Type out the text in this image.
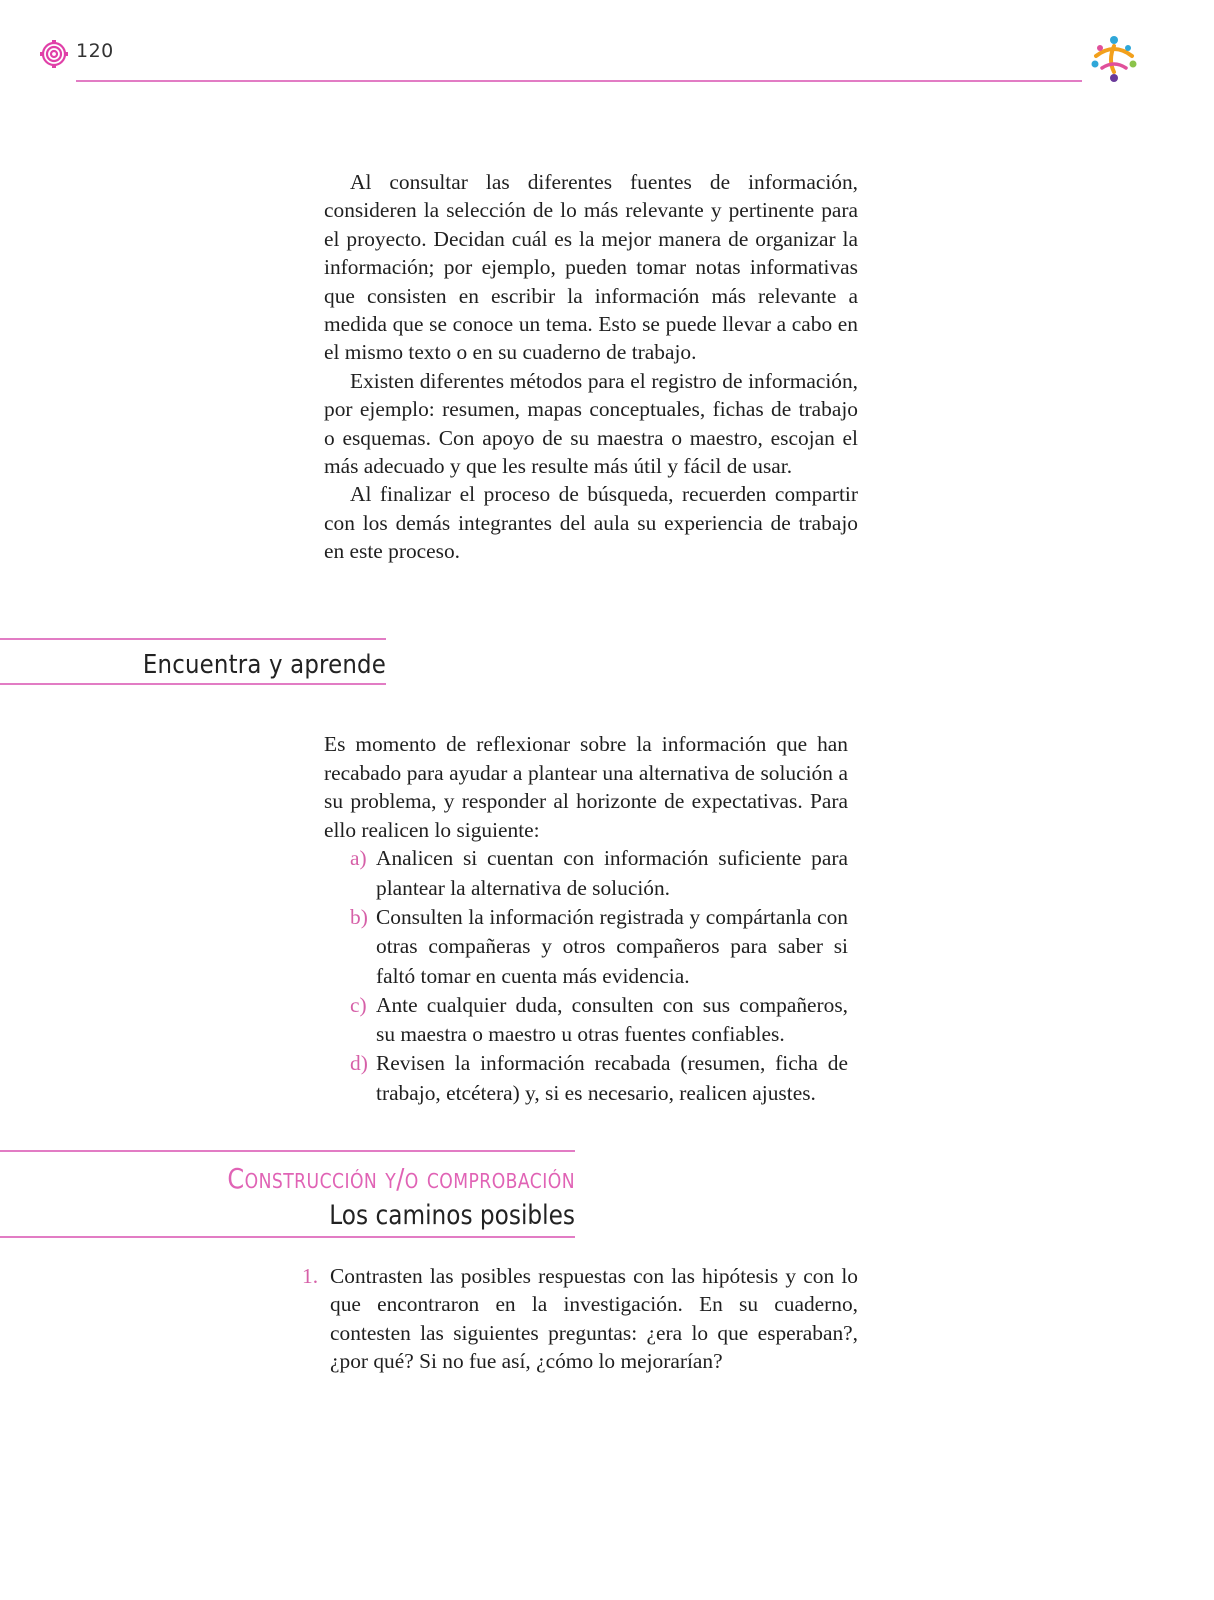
120

Al consultar las diferentes fuentes de información, consideren la selección de lo más relevante y pertinente para el proyecto. Decidan cuál es la mejor manera de organizar la información; por ejemplo, pueden tomar notas informativas que consisten en escribir la información más relevante a medida que se conoce un tema. Esto se puede llevar a cabo en el mismo texto o en su cuaderno de trabajo.

Existen diferentes métodos para el registro de información, por ejemplo: resumen, mapas conceptuales, fichas de trabajo o esquemas. Con apoyo de su maestra o maestro, escojan el más adecuado y que les resulte más útil y fácil de usar.

Al finalizar el proceso de búsqueda, recuerden compartir con los demás integrantes del aula su experiencia de trabajo en este proceso.

Encuentra y aprende

Es momento de reflexionar sobre la información que han recabado para ayudar a plantear una alternativa de solución a su problema, y responder al horizonte de expectativas. Para ello realicen lo siguiente:

a) Analicen si cuentan con información suficiente para plantear la alternativa de solución.
b) Consulten la información registrada y compártanla con otras compañeras y otros compañeros para saber si faltó tomar en cuenta más evidencia.
c) Ante cualquier duda, consulten con sus compañeros, su maestra o maestro u otras fuentes confiables.
d) Revisen la información recabada (resumen, ficha de trabajo, etcétera) y, si es necesario, realicen ajustes.
Construcción y/o comprobación
Los caminos posibles
1. Contrasten las posibles respuestas con las hipótesis y con lo que encontraron en la investigación. En su cuaderno, contesten las siguientes preguntas: ¿era lo que esperaban?, ¿por qué? Si no fue así, ¿cómo lo mejorarían?
